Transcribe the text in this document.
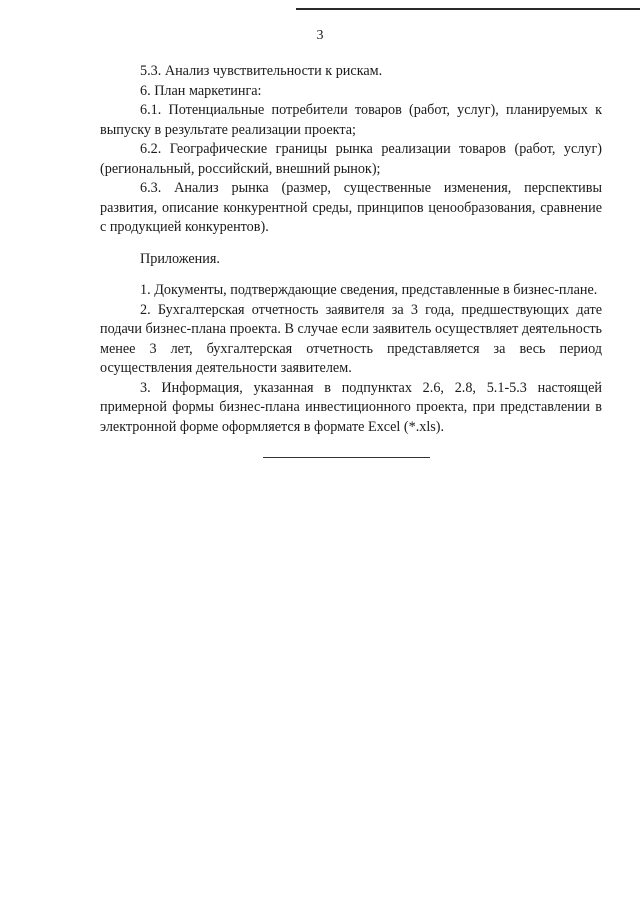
3

5.3. Анализ чувствительности к рискам.

6. План маркетинга:

6.1. Потенциальные потребители товаров (работ, услуг), планируемых к выпуску в результате реализации проекта;

6.2. Географические границы рынка реализации товаров (работ, услуг) (региональный, российский, внешний рынок);

6.3. Анализ рынка (размер, существенные изменения, перспективы развития, описание конкурентной среды, принципов ценообразования, сравнение с продукцией конкурентов).

Приложения.

1. Документы, подтверждающие сведения, представленные в бизнес-плане.

2. Бухгалтерская отчетность заявителя за 3 года, предшествующих дате подачи бизнес-плана проекта. В случае если заявитель осуществляет деятельность менее 3 лет, бухгалтерская отчетность представляется за весь период осуществления деятельности заявителем.

3. Информация, указанная в подпунктах 2.6, 2.8, 5.1-5.3 настоящей примерной формы бизнес-плана инвестиционного проекта, при представлении в электронной форме оформляется в формате Excel (*.xls).
